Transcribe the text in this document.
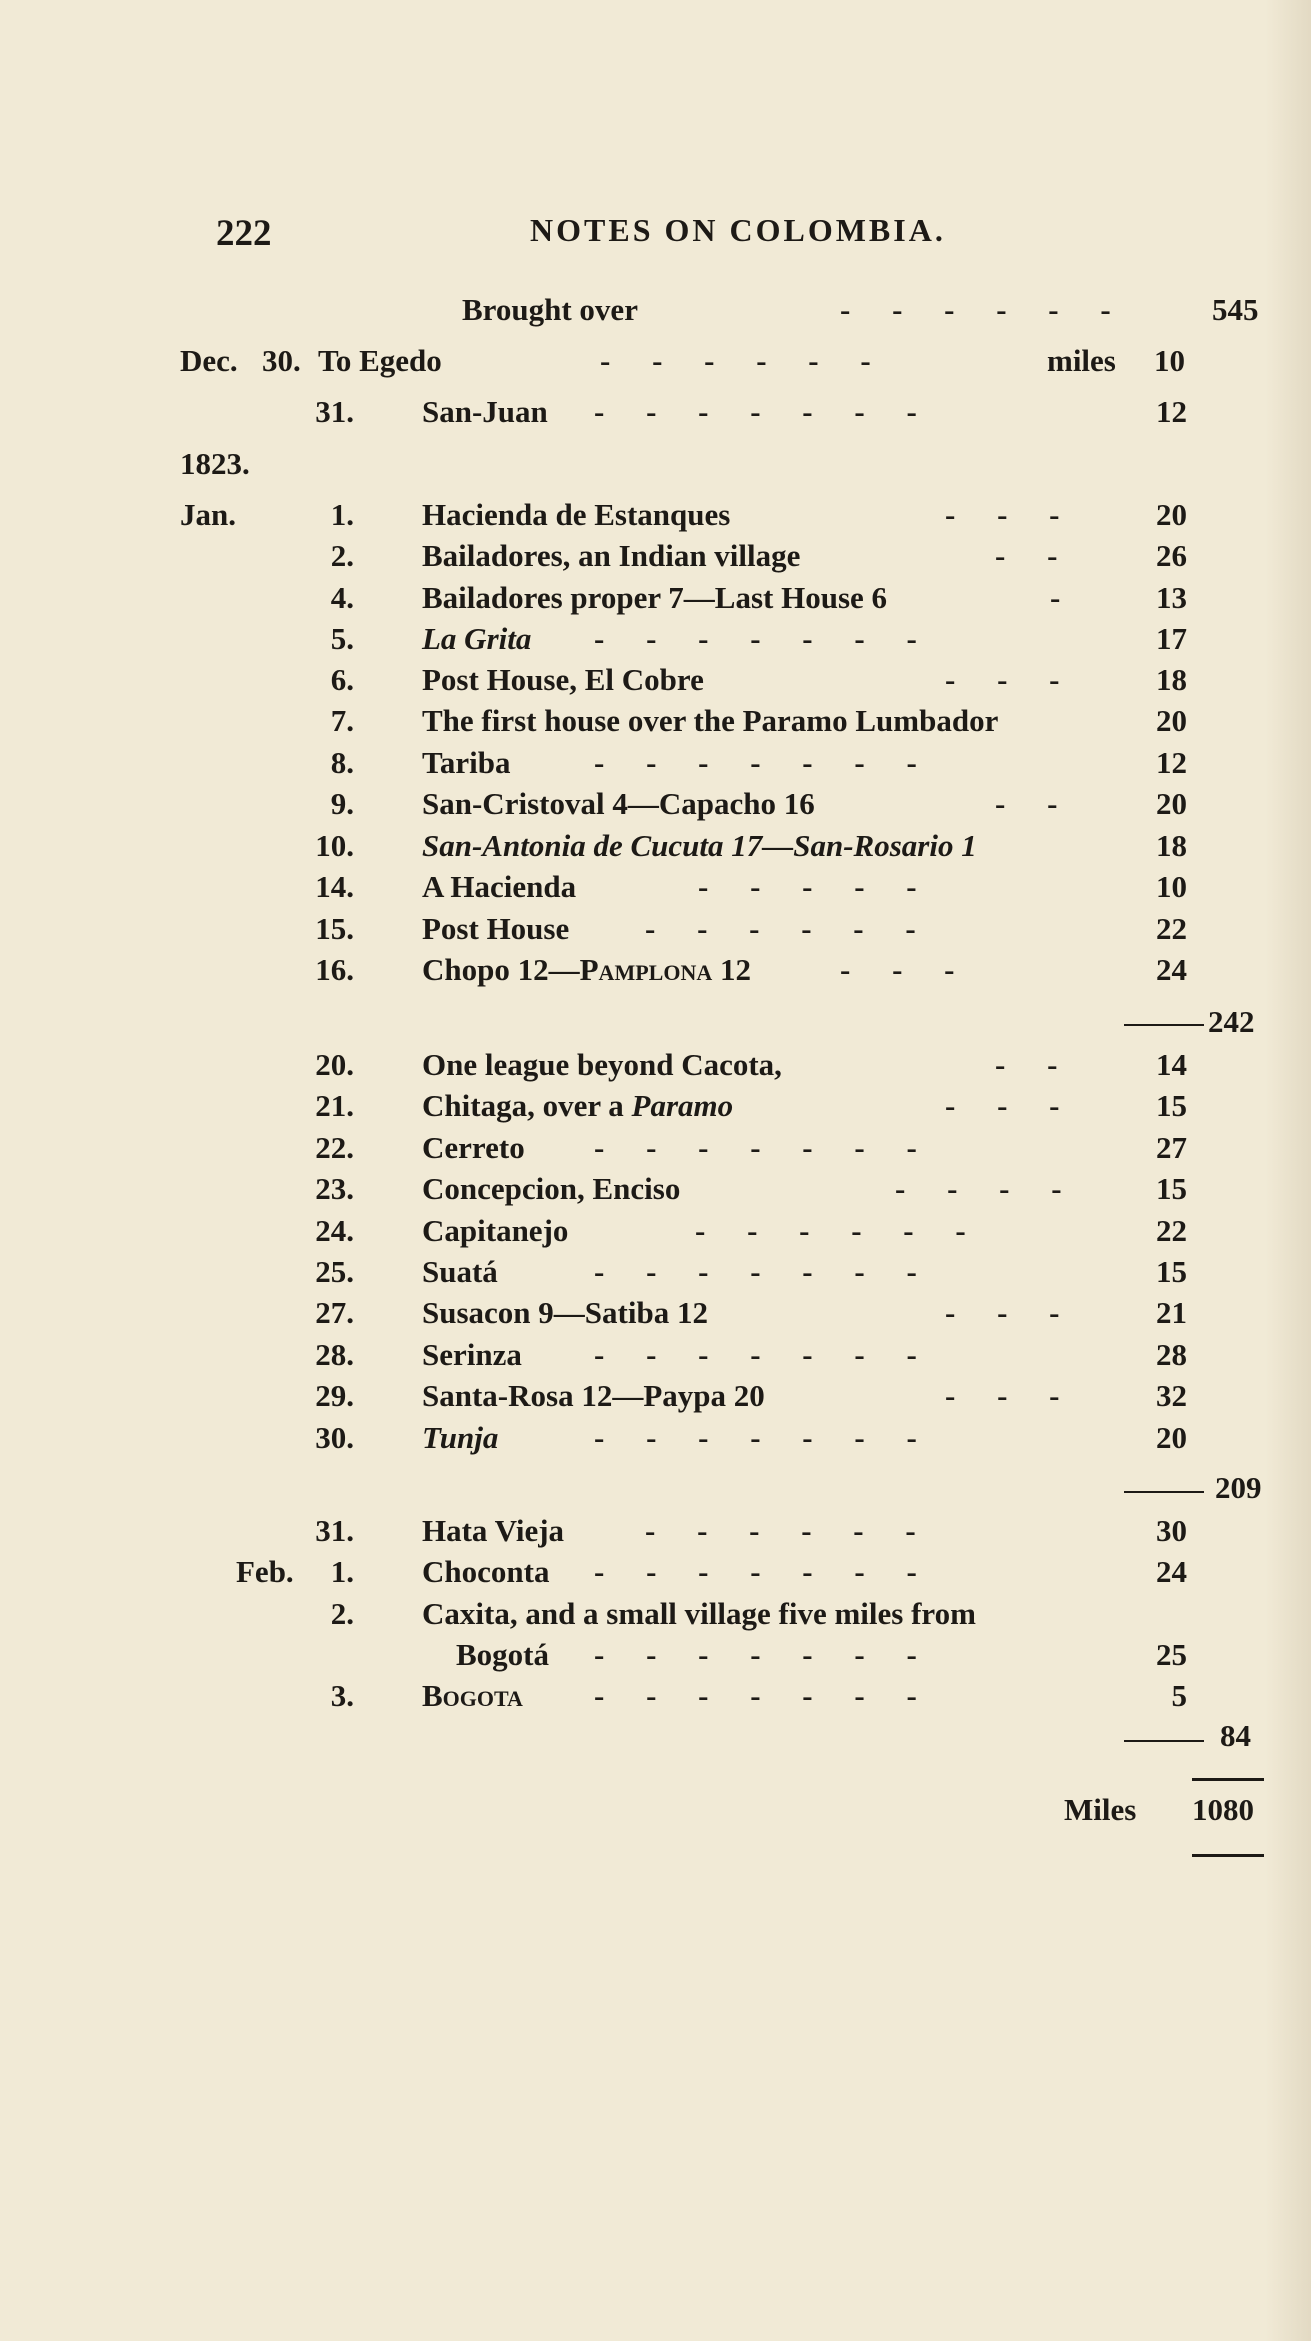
222	NOTES ON COLOMBIA.
Brought over	- - - - - -	545
Dec. 30. To Egedo	- - - - - -	miles 10
31. San-Juan - - - - - - -	12
1823.
Jan.	1. Hacienda de Estanques	- - -	20
2. Bailadores, an Indian village	- -	26
4. Bailadores proper 7—Last House 6	-	13
5. La Grita - - - - - - -	17
6. Post House, El Cobre	- - -	18
7. The first house over the Paramo Lumbador	20
8. Tariba	- - - - - - -	12
9. San-Cristoval 4—Capacho 16	- -	20
10. San-Antonia de Cucuta 17—San-Rosario 1	18
14. A Hacienda	- - - - -	10
15. Post House - - - - - -	22
16. Chopo 12—Pamplona 12	- - -	24
242
20. One league beyond Cacota,	- -	14
21. Chitaga, over a Paramo	- - -	15
22. Cerreto - - - - - - -	27
23. Concepcion, Enciso	- - - -	15
24. Capitanejo	- - - - - -	22
25. Suatá	- - - - - - -	15
27. Susacon 9—Satiba 12	- - -	21
28. Serinza - - - - - - -	28
29. Santa-Rosa 12—Paypa 20	- - -	32
30. Tunja	- - - - - - -	20
209
31. Hata Vieja	- - - - - -	30
Feb.	1. Choconta - - - - - - -	24
2. Caxita, and a small village five miles from
Bogotá - - - - - - -	25
3. Bogota - - - - - - -	5
84
Miles 1080
